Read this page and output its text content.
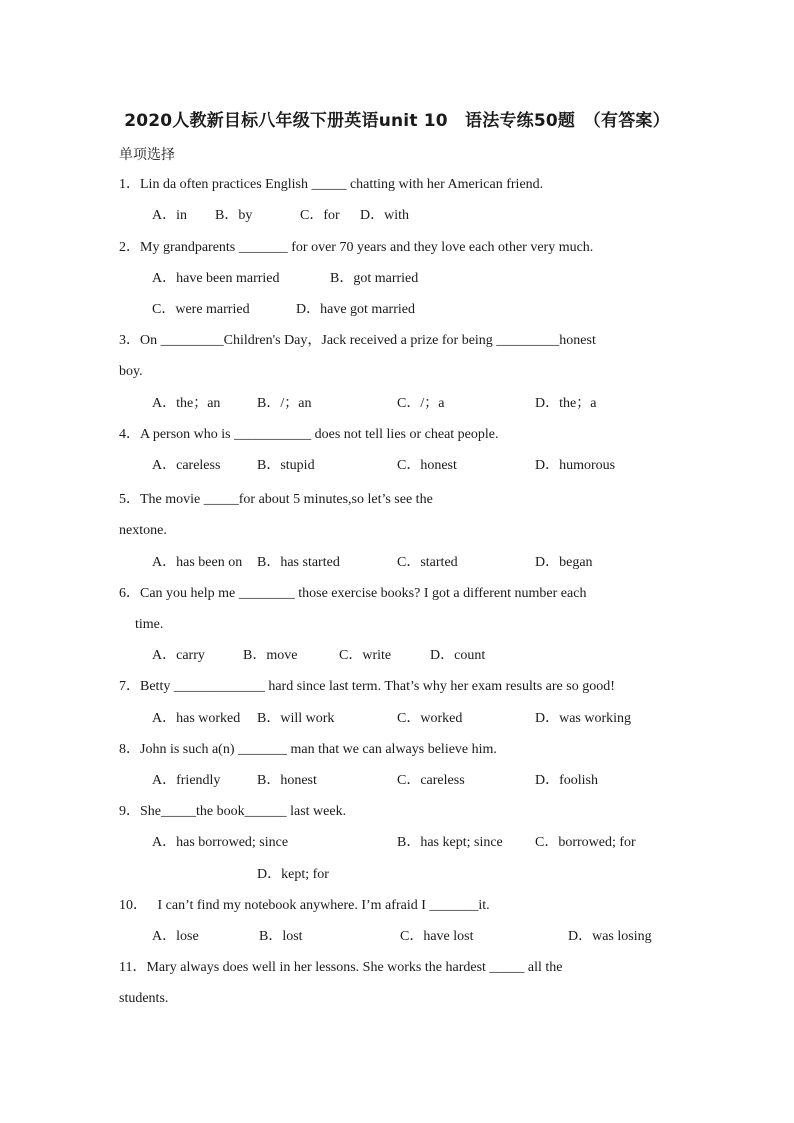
2020人教新目标八年级下册英语unit 10　语法专练50题　（有答案）
单项选择
1．Lin da often practices English _____ chatting with her American friend.
A．in B．by	C．for D．with
2．My grandparents _______ for over 70 years and they love each other very much.
A．have been married	B．got married
C．were married	D．have got married
3．On _________Children's Day，Jack received a prize for being _________honest
boy.
A．the；an	B．/；an	C．/；a	D．the；a
4．A person who is ___________ does not tell lies or cheat people.
A．careless	B．stupid	C．honest	D．humorous
5．The movie _____for about 5 minutes,so let’s see the
nextone.
A．has been on B．has started	C．started	D．began
6．Can you help me ________ those exercise books? I got a different number each
time.
A．carry	B．move	C．write	D．count
7．Betty _____________ hard since last term. That’s why her exam results are so good!
A．has worked B．will work	C．worked	D．was working
8．John is such a(n) _______ man that we can always believe him.
A．friendly	B．honest	C．careless	D．foolish
9．She_____the book______ last week.
A．has borrowed; since	B．has kept; since C．borrowed; for
D．kept; for
10． I can’t find my notebook anywhere. I’m afraid I _______it.
A．lose	B．lost	C．have lost	D．was losing
11．Mary always does well in her lessons. She works the hardest _____ all the
students.
